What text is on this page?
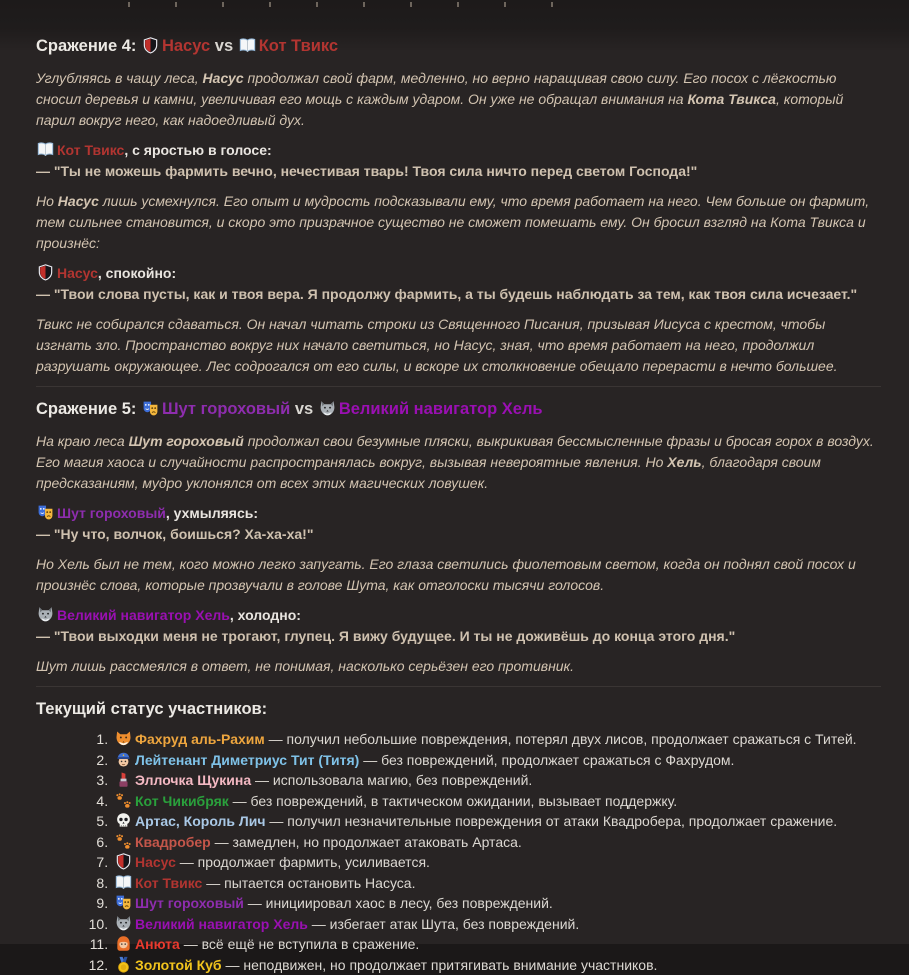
Сражение 4:
Насус vs
Кот Твикс

Углубляясь в чащу леса, Насус продолжал свой фарм, медленно, но верно наращивая свою силу. Его посох с лёгкостью сносил деревья и камни, увеличивая его мощь с каждым ударом. Он уже не обращал внимания на Кота Твикса, который парил вокруг него, как надоедливый дух.

Кот Твикс, с яростью в голосе:
— "Ты не можешь фармить вечно, нечестивая тварь! Твоя сила ничто перед светом Господа!"

Но Насус лишь усмехнулся. Его опыт и мудрость подсказывали ему, что время работает на него. Чем больше он фармит, тем сильнее становится, и скоро это призрачное существо не сможет помешать ему. Он бросил взгляд на Кота Твикса и произнёс:

Насус, спокойно:
— "Твои слова пусты, как и твоя вера. Я продолжу фармить, а ты будешь наблюдать за тем, как твоя сила исчезает."

Твикс не собирался сдаваться. Он начал читать строки из Священного Писания, призывая Иисуса с крестом, чтобы изгнать зло. Пространство вокруг них начало светиться, но Насус, зная, что время работает на него, продолжил разрушать окружающее. Лес содрогался от его силы, и вскоре их столкновение обещало перерасти в нечто большее.

Сражение 5:
Шут гороховый vs
Великий навигатор Хель

На краю леса Шут гороховый продолжал свои безумные пляски, выкрикивая бессмысленные фразы и бросая горох в воздух. Его магия хаоса и случайности распространялась вокруг, вызывая невероятные явления. Но Хель, благодаря своим предсказаниям, мудро уклонялся от всех этих магических ловушек.

Шут гороховый, ухмыляясь:
— "Ну что, волчок, боишься? Ха-ха-ха!"

Но Хель был не тем, кого можно легко запугать. Его глаза светились фиолетовым светом, когда он поднял свой посох и произнёс слова, которые прозвучали в голове Шута, как отголоски тысячи голосов.

Великий навигатор Хель, холодно:
— "Твои выходки меня не трогают, глупец. Я вижу будущее. И ты не доживёшь до конца этого дня."

Шут лишь рассмеялся в ответ, не понимая, насколько серьёзен его противник.

Текущий статус участников:
1. Фахруд аль-Рахим — получил небольшие повреждения, потерял двух лисов, продолжает сражаться с Титей.
2. Лейтенант Диметриус Тит (Титя) — без повреждений, продолжает сражаться с Фахрудом.
3. Эллочка Щукина — использовала магию, без повреждений.
4. Кот Чикибряк — без повреждений, в тактическом ожидании, вызывает поддержку.
5. Артас, Король Лич — получил незначительные повреждения от атаки Квадробера, продолжает сражение.
6. Квадробер — замедлен, но продолжает атаковать Артаса.
7. Насус — продолжает фармить, усиливается.
8. Кот Твикс — пытается остановить Насуса.
9. Шут гороховый — инициировал хаос в лесу, без повреждений.
10. Великий навигатор Хель — избегает атак Шута, без повреждений.
11. Анюта — всё ещё не вступила в сражение.
12. Золотой Куб — неподвижен, но продолжает притягивать внимание участников.
